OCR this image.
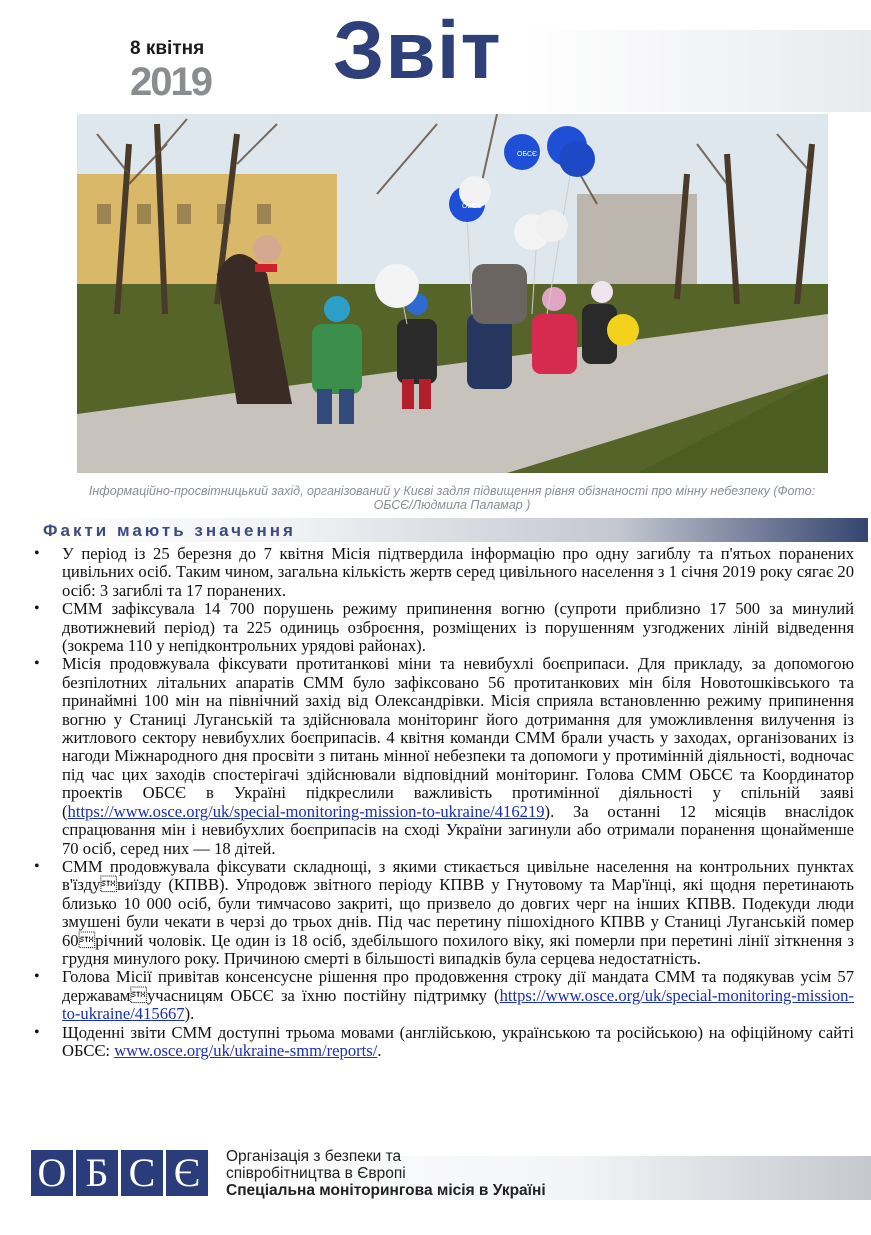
8 квітня
2019 Звіт
ОБСЄ
ОБСЄ
Інформаційно-просвітницький захід, організований у Києві задля підвищення рівня обізнаності про мінну небезпеку (Фото: ОБСЄ/Людмила Паламар )
Факти мають значення
• У період із 25 березня до 7 квітня Місія підтвердила інформацію про одну загиблу та п'ятьох поранених цивільних осіб. Таким чином, загальна кількість жертв серед цивільного населення з 1 січня 2019 року сягає 20 осіб: 3 загиблі та 17 поранених.
• СММ зафіксувала 14 700 порушень режиму припинення вогню (супроти приблизно 17 500 за минулий двотижневий період) та 225 одиниць озброєння, розміщених із порушенням узгоджених ліній відведення (зокрема 110 у непідконтрольних урядові районах).
• Місія продовжувала фіксувати протитанкові міни та невибухлі боєприпаси. Для прикладу, за допомогою безпілотних літальних апаратів СММ було зафіксовано 56 протитанкових мін біля Новотошківського та принаймні 100 мін на північний захід від Олександрівки. Місія сприяла встановленню режиму припинення вогню у Станиці Луганській та здійснювала моніторинг його дотримання для уможливлення вилучення із житлового сектору невибухлих боєприпасів. 4 квітня команди СММ брали участь у заходах, організованих із нагоди Міжнародного дня просвіти з питань мінної небезпеки та допомоги у протимінній діяльності, водночас під час цих заходів спостерігачі здійснювали відповідний моніторинг. Голова СММ ОБСЄ та Координатор проектів ОБСЄ в Україні підкреслили важливість протимінної діяльності у спільній заяві (https://www.osce.org/uk/special-monitoring-mission-to-ukraine/416219). За останні 12 місяців внаслідок спрацювання мін і невибухлих боєприпасів на сході України загинули або отримали поранення щонайменше 70 осіб, серед них — 18 дітей.
• СММ продовжувала фіксувати складнощі, з якими стикається цивільне населення на контрольних пунктах в'їздувиїзду (КПВВ). Упродовж звітного періоду КПВВ у Гнутовому та Мар'їнці, які щодня перетинають близько 10 000 осіб, були тимчасово закриті, що призвело до довгих черг на інших КПВВ. Подекуди люди змушені були чекати в черзі до трьох днів. Під час перетину пішохідного КПВВ у Станиці Луганській помер 60річний чоловік. Це один із 18 осіб, здебільшого похилого віку, які померли при перетині лінії зіткнення з грудня минулого року. Причиною смерті в більшості випадків була серцева недостатність.
• Голова Місії привітав консенсусне рішення про продовження строку дії мандата СММ та подякував усім 57 державамучасницям ОБСЄ за їхню постійну підтримку (https://www.osce.org/uk/special-monitoring-mission-to-ukraine/415667).
• Щоденні звіти СММ доступні трьома мовами (англійською, українською та російською) на офіційному сайті ОБСЄ: www.osce.org/uk/ukraine-smm/reports/.
О Б С Є	Організація з безпеки та
співробітництва в Європі
Спеціальна моніторингова місія в Україні
